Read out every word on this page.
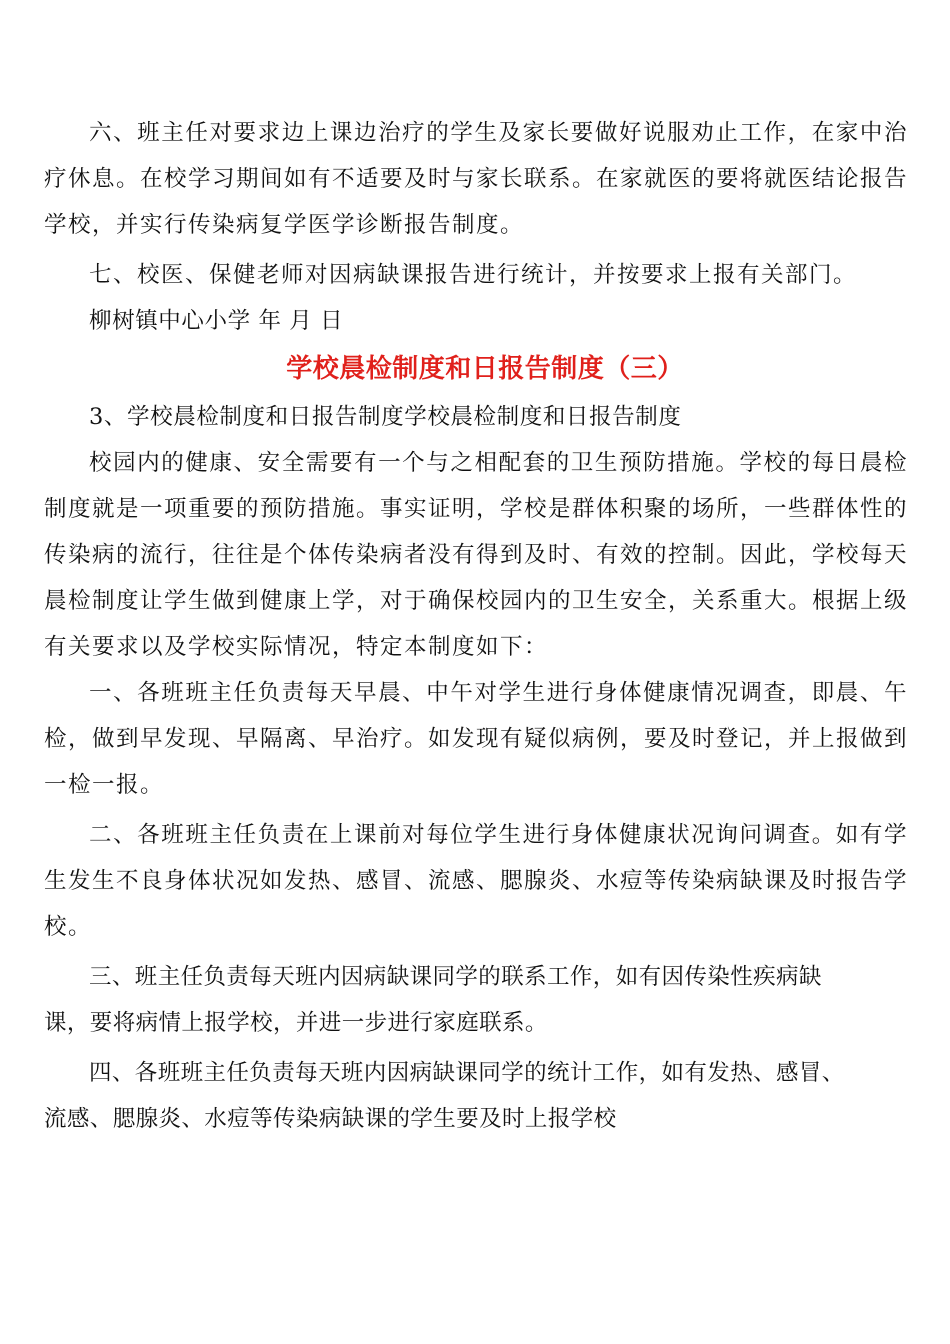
六、班主任对要求边上课边治疗的学生及家长要做好说服劝止工作，在家中治疗休息。在校学习期间如有不适要及时与家长联系。在家就医的要将就医结论报告学校，并实行传染病复学医学诊断报告制度。

七、校医、保健老师对因病缺课报告进行统计，并按要求上报有关部门。

柳树镇中心小学 年 月 日

学校晨检制度和日报告制度（三）

3、学校晨检制度和日报告制度学校晨检制度和日报告制度

校园内的健康、安全需要有一个与之相配套的卫生预防措施。学校的每日晨检制度就是一项重要的预防措施。事实证明，学校是群体积聚的场所，一些群体性的传染病的流行，往往是个体传染病者没有得到及时、有效的控制。因此，学校每天晨检制度让学生做到健康上学，对于确保校园内的卫生安全，关系重大。根据上级有关要求以及学校实际情况，特定本制度如下：

一、各班班主任负责每天早晨、中午对学生进行身体健康情况调查，即晨、午检，做到早发现、早隔离、早治疗。如发现有疑似病例，要及时登记，并上报做到一检一报。

二、各班班主任负责在上课前对每位学生进行身体健康状况询问调查。如有学生发生不良身体状况如发热、感冒、流感、腮腺炎、水痘等传染病缺课及时报告学校。

三、班主任负责每天班内因病缺课同学的联系工作，如有因传染性疾病缺
课，要将病情上报学校，并进一步进行家庭联系。

四、各班班主任负责每天班内因病缺课同学的统计工作，如有发热、感冒、
流感、腮腺炎、水痘等传染病缺课的学生要及时上报学校
